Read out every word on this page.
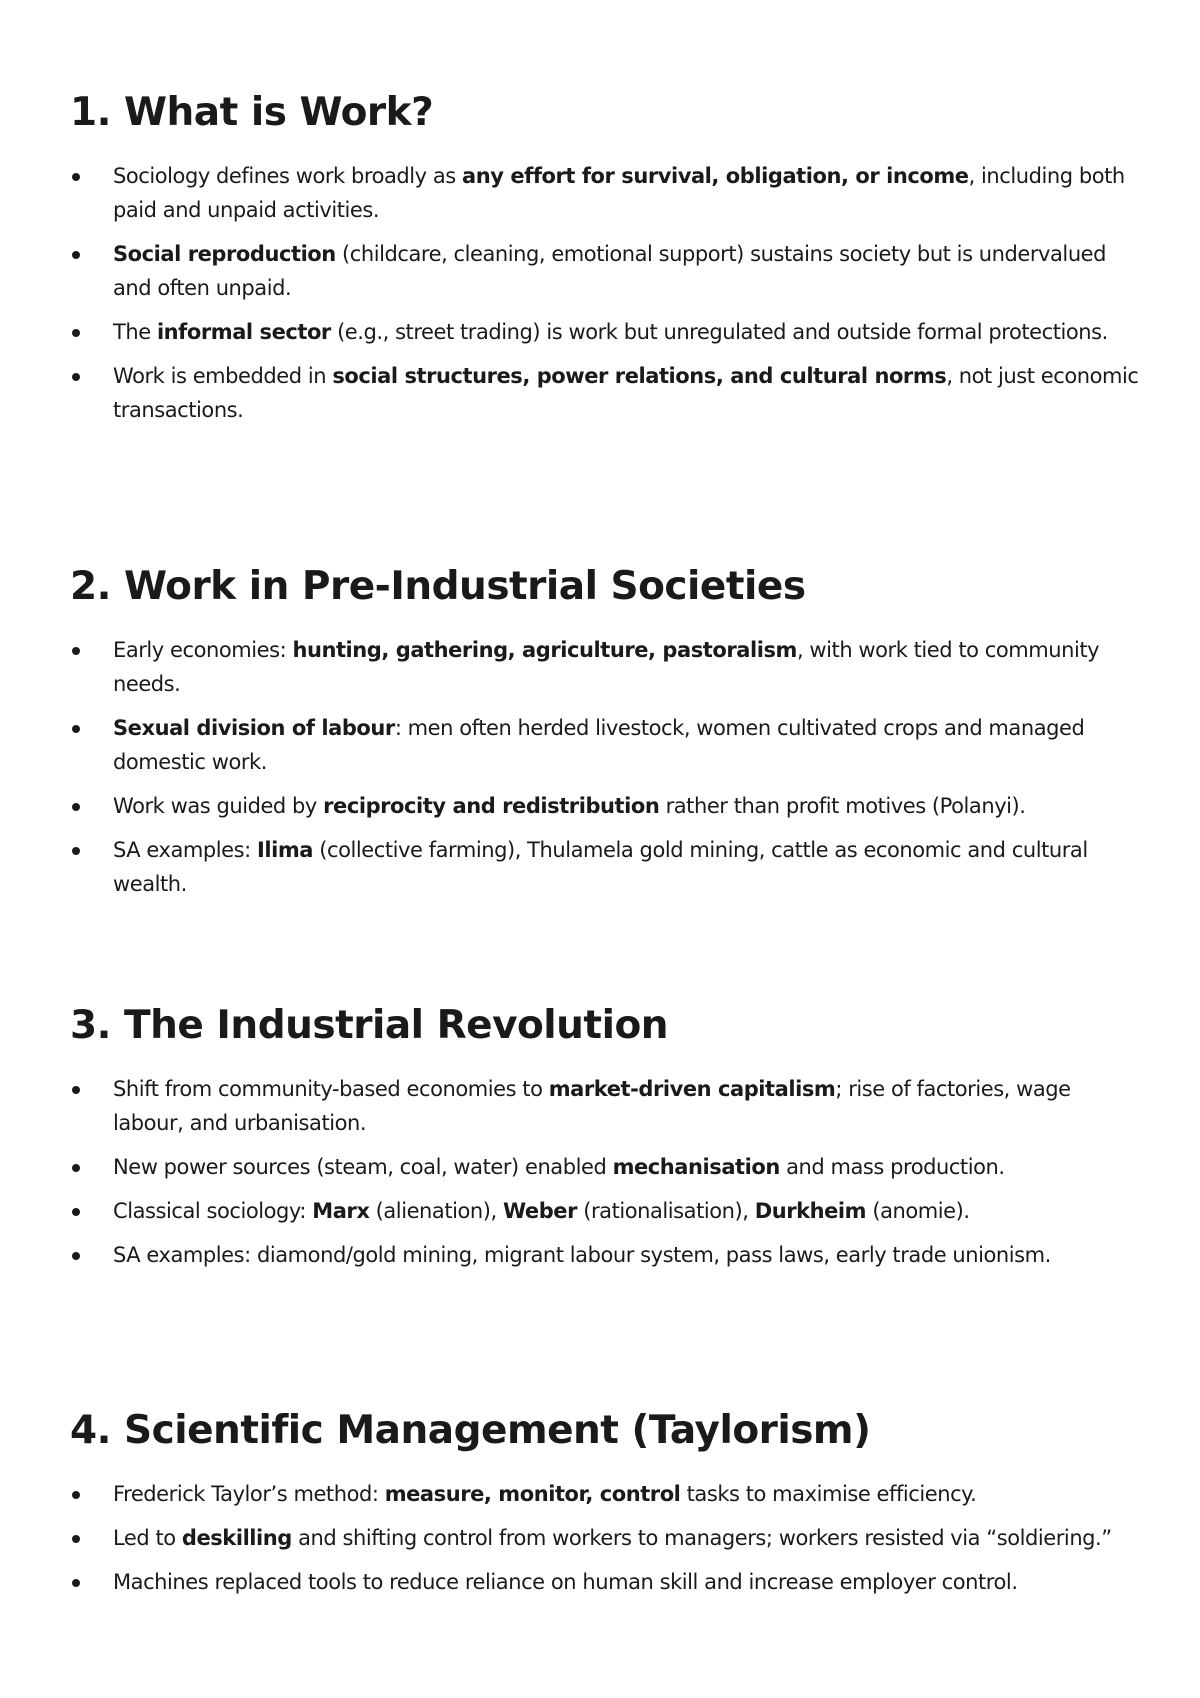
1. What is Work?
Sociology defines work broadly as any effort for survival, obligation, or income, including both paid and unpaid activities.
Social reproduction (childcare, cleaning, emotional support) sustains society but is undervalued and often unpaid.
The informal sector (e.g., street trading) is work but unregulated and outside formal protections.
Work is embedded in social structures, power relations, and cultural norms, not just economic transactions.
2. Work in Pre-Industrial Societies
Early economies: hunting, gathering, agriculture, pastoralism, with work tied to community needs.
Sexual division of labour: men often herded livestock, women cultivated crops and managed domestic work.
Work was guided by reciprocity and redistribution rather than profit motives (Polanyi).
SA examples: Ilima (collective farming), Thulamela gold mining, cattle as economic and cultural wealth.
3. The Industrial Revolution
Shift from community-based economies to market-driven capitalism; rise of factories, wage labour, and urbanisation.
New power sources (steam, coal, water) enabled mechanisation and mass production.
Classical sociology: Marx (alienation), Weber (rationalisation), Durkheim (anomie).
SA examples: diamond/gold mining, migrant labour system, pass laws, early trade unionism.
4. Scientific Management (Taylorism)
Frederick Taylor’s method: measure, monitor, control tasks to maximise efficiency.
Led to deskilling and shifting control from workers to managers; workers resisted via “soldiering.”
Machines replaced tools to reduce reliance on human skill and increase employer control.
